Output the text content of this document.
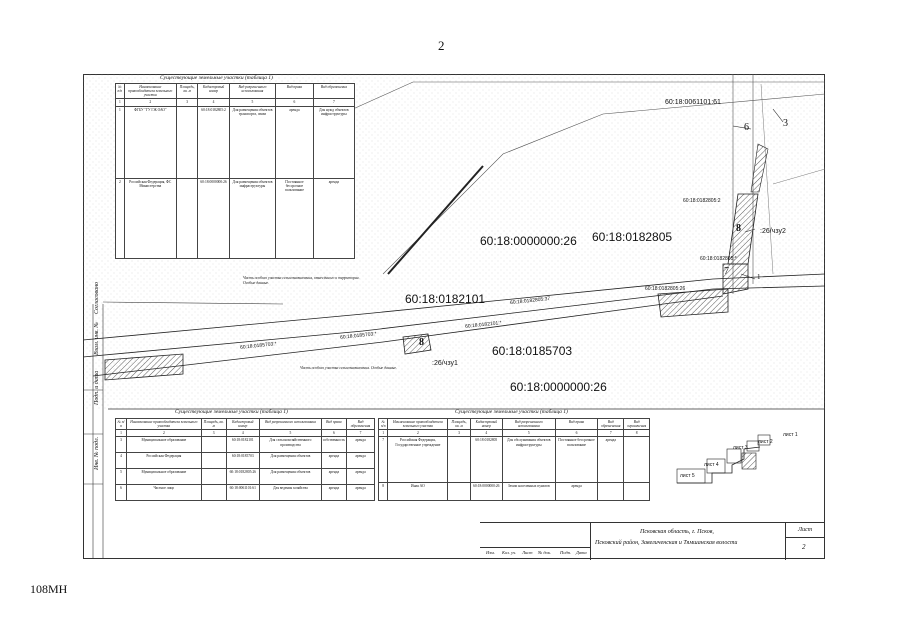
2
108МН
Согласовано
Взам. инв. №
Подп. и дата
Инв. № подл.
Существующие земельные участки (таблица 1)
№ п/п	Наименование правообладателя земельного участка	Площадь, кв. м	Кадастровый номер	Вид разрешенного использования	Вид права	Вид обременения
1	2	3	4	5	6	7
1	ФГБУ "ГУ ГЖ ОАО"		60:18:0182805:2	Для размещения объектов транспорта, связи	аренда	Для нужд объектов инфраструктуры
2	Российская Федерация, ФС Министерства		60:18:0000000:26	Для размещения объектов инфраструктуры	Постоянное бессрочное пользование	аренда
60:18:0000000:26 60:18:0182805
60:18:0182101
60:18:0185703
60:18:0000000:26
60:18:0061101:61
3
6
7
8
8
1
60:18:0182805:2
:26/чзу2
60:18:0182805:37
60:18:0182101:*
60:18:0185703:*
:26/чзу1
60:18:0185703:*
60:18:0182805:26
60:18:0182805:*
Часть особого участка сельхозназначения, отнесённого к территории. Особые данные.
Часть особого участка сельхозназначения. Особые данные.
Существующие земельные участки (таблица 1)
№ п/п	Наименование правообладателя земельного участка	Площадь, кв. м	Кадастровый номер	Вид разрешенного использования	Вид права	Вид обременения
1	2	3	4	5	6	7
3	Муниципальное образование		60:18:0182101	Для сельскохозяйственного производства	собственность	аренда
4	Российская Федерация		60:18:0185703	Для размещения объектов	аренда	аренда
5	Муниципальное образование		60:18:0182805:26	Для размещения объектов	аренда	аренда
6	Частное лицо		60:18:0061101:61	Для ведения хозяйства	аренда	аренда
Существующие земельные участки (таблица 1)
№ п/п	Наименование правообладателя земельного участка	Площадь, кв. м	Кадастровый номер	Вид разрешенного использования	Вид права	Вид обременения	Вид ограничения
1	2	3	4	5	6	7	8
7	Российская Федерация, Государственное учреждение		60:18:0182805	Для обслуживания объектов инфраструктуры	Постоянное бессрочное пользование	аренда	
8	Иная АО		60:18:0000000:26	Земли населенных пунктов	аренда		
лист 1
лист 2
лист 3
лист 4
лист 5
Псковская область, г. Псков,
Псковский район, Завеличенская и Тямшанская волости
Лист
2
Изм. Кол. уч. Лист № док. Подп. Дата
